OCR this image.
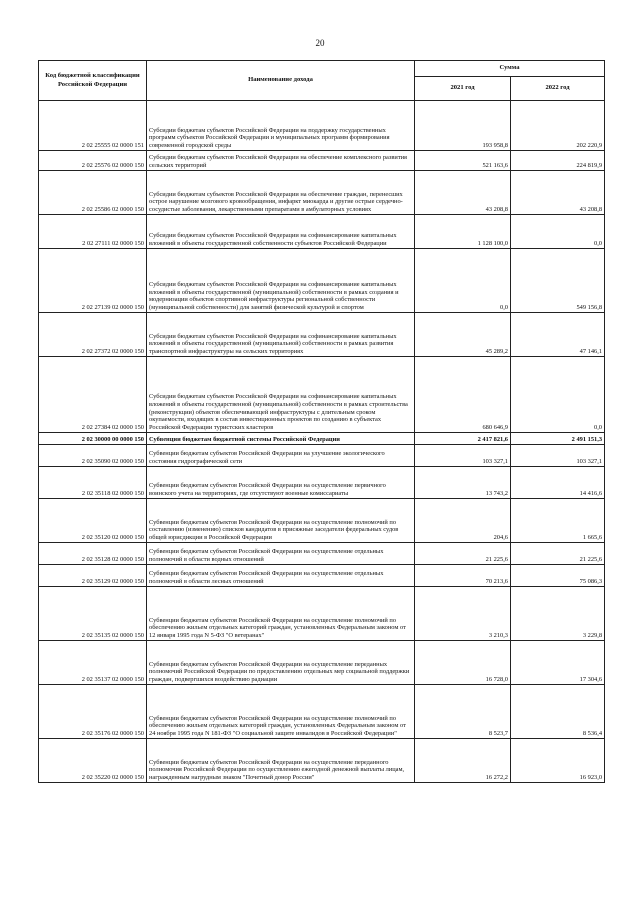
20
Код бюджетной классификации Российской Федерации	Наименование дохода	Сумма	
		2021 год	2022 год
2 02 25555 02 0000 151	Субсидии бюджетам субъектов Российской Федерации на поддержку государственных программ субъектов Российской Федерации и муниципальных программ формирования современной городской среды	193 958,8	202 220,9
2 02 25576 02 0000 150	Субсидии бюджетам субъектов Российской Федерации на обеспечение комплексного развития сельских территорий	521 163,6	224 819,9
2 02 25586 02 0000 150	Субсидии бюджетам субъектов Российской Федерации на обеспечение граждан, перенесших острое нарушение мозгового кровообращения, инфаркт миокарда и другие острые сердечно-сосудистые заболевания, лекарственными препаратами в амбулаторных условиях	43 208,8	43 208,8
2 02 27111 02 0000 150	Субсидии бюджетам субъектов Российской Федерации на софинансирование капитальных вложений в объекты государственной собственности субъектов Российской Федерации	1 128 100,0	0,0
2 02 27139 02 0000 150	Субсидии бюджетам субъектов Российской Федерации на софинансирование капитальных вложений в объекты государственной (муниципальной) собственности в рамках создания и модернизации объектов спортивной инфраструктуры региональной собственности (муниципальной собственности) для занятий физической культурой и спортом	0,0	549 156,8
2 02 27372 02 0000 150	Субсидии бюджетам субъектов Российской Федерации на софинансирование капитальных вложений в объекты государственной (муниципальной) собственности в рамках развития транспортной инфраструктуры на сельских территориях	45 289,2	47 146,1
2 02 27384 02 0000 150	Субсидии бюджетам субъектов Российской Федерации на софинансирование капитальных вложений в объекты государственной (муниципальной) собственности в рамках строительства (реконструкции) объектов обеспечивающей инфраструктуры с длительным сроком окупаемости, входящих в состав инвестиционных проектов по созданию в субъектах Российской Федерации туристских кластеров	680 646,9	0,0
2 02 30000 00 0000 150	Субвенции бюджетам бюджетной системы Российской Федерации	2 417 821,6	2 491 151,3
2 02 35090 02 0000 150	Субвенции бюджетам субъектов Российской Федерации на улучшение экологического состояния гидрографической сети	103 327,1	103 327,1
2 02 35118 02 0000 150	Субвенции бюджетам субъектов Российской Федерации на осуществление первичного воинского учета на территориях, где отсутствуют военные комиссариаты	13 743,2	14 416,6
2 02 35120 02 0000 150	Субвенции бюджетам субъектов Российской Федерации на осуществление полномочий по составлению (изменению) списков кандидатов в присяжные заседатели федеральных судов общей юрисдикции в Российской Федерации	204,6	1 665,6
2 02 35128 02 0000 150	Субвенции бюджетам субъектов Российской Федерации на осуществление отдельных полномочий в области водных отношений	21 225,6	21 225,6
2 02 35129 02 0000 150	Субвенции бюджетам субъектов Российской Федерации на осуществление отдельных полномочий в области лесных отношений	70 213,6	75 086,3
2 02 35135 02 0000 150	Субвенции бюджетам субъектов Российской Федерации на осуществление полномочий по обеспечению жильем отдельных категорий граждан, установленных Федеральным законом от 12 января 1995 года N 5-ФЗ "О ветеранах"	3 210,3	3 229,8
2 02 35137 02 0000 150	Субвенции бюджетам субъектов Российской Федерации на осуществление переданных полномочий Российской Федерации по предоставлению отдельных мер социальной поддержки граждан, подвергшихся воздействию радиации	16 728,0	17 304,6
2 02 35176 02 0000 150	Субвенции бюджетам субъектов Российской Федерации на осуществление полномочий по обеспечению жильем отдельных категорий граждан, установленных Федеральным законом от 24 ноября 1995 года N 181-ФЗ "О социальной защите инвалидов в Российской Федерации"	8 523,7	8 536,4
2 02 35220 02 0000 150	Субвенции бюджетам субъектов Российской Федерации на осуществление переданного полномочия Российской Федерации по осуществлению ежегодной денежной выплаты лицам, награжденным нагрудным знаком "Почетный донор России"	16 272,2	16 923,0
